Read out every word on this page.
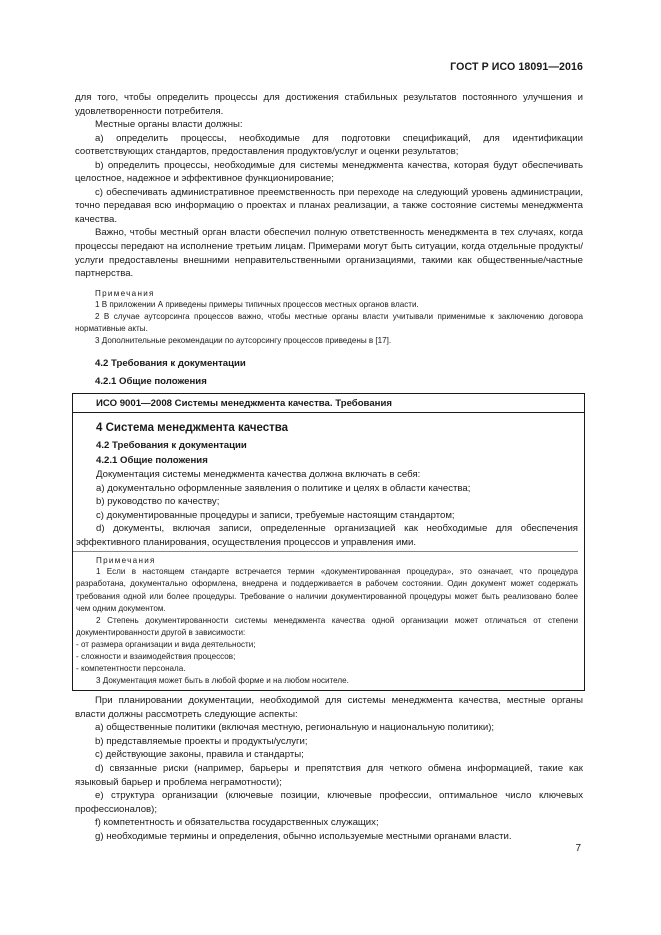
ГОСТ Р ИСО 18091—2016

для того, чтобы определить процессы для достижения стабильных результатов постоянного улучшения и удовлетворенности потребителя.

Местные органы власти должны:

a) определить процессы, необходимые для подготовки спецификаций, для идентификации соответствующих стандартов, предоставления продуктов/услуг и оценки результатов;

b) определить процессы, необходимые для системы менеджмента качества, которая будут обеспечивать целостное, надежное и эффективное функционирование;

c) обеспечивать административное преемственность при переходе на следующий уровень администрации, точно передавая всю информацию о проектах и планах реализации, а также состояние системы менеджмента качества.

Важно, чтобы местный орган власти обеспечил полную ответственность менеджмента в тех случаях, когда процессы передают на исполнение третьим лицам. Примерами могут быть ситуации, когда отдельные продукты/услуги предоставлены внешними неправительственными организациями, такими как общественные/частные партнерства.

Примечания

1 В приложении А приведены примеры типичных процессов местных органов власти.

2 В случае аутсорсинга процессов важно, чтобы местные органы власти учитывали применимые к заключению договора нормативные акты.

3 Дополнительные рекомендации по аутсорсингу процессов приведены в [17].

4.2 Требования к документации

4.2.1 Общие положения

ИСО 9001—2008 Системы менеджмента качества. Требования
4 Система менеджмента качества

4.2 Требования к документации

4.2.1 Общие положения

Документация системы менеджмента качества должна включать в себя:

a) документально оформленные заявления о политике и целях в области качества;

b) руководство по качеству;

c) документированные процедуры и записи, требуемые настоящим стандартом;

d) документы, включая записи, определенные организацией как необходимые для обеспечения эффективного планирования, осуществления процессов и управления ими.

Примечания

1 Если в настоящем стандарте встречается термин «документированная процедура», это означает, что процедура разработана, документально оформлена, внедрена и поддерживается в рабочем состоянии. Один документ может содержать требования одной или более процедуры. Требование о наличии документированной процедуры может быть реализовано более чем одним документом.

2 Степень документированности системы менеджмента качества одной организации может отличаться от степени документированности другой в зависимости:

- от размера организации и вида деятельности;

- сложности и взаимодействия процессов;

- компетентности персонала.

3 Документация может быть в любой форме и на любом носителе.

При планировании документации, необходимой для системы менеджмента качества, местные органы власти должны рассмотреть следующие аспекты:

a) общественные политики (включая местную, региональную и национальную политики);

b) представляемые проекты и продукты/услуги;

c) действующие законы, правила и стандарты;

d) связанные риски (например, барьеры и препятствия для четкого обмена информацией, такие как языковый барьер и проблема неграмотности);

e) структура организации (ключевые позиции, ключевые профессии, оптимальное число ключевых профессионалов);

f) компетентность и обязательства государственных служащих;

g) необходимые термины и определения, обычно используемые местными органами власти.

7
